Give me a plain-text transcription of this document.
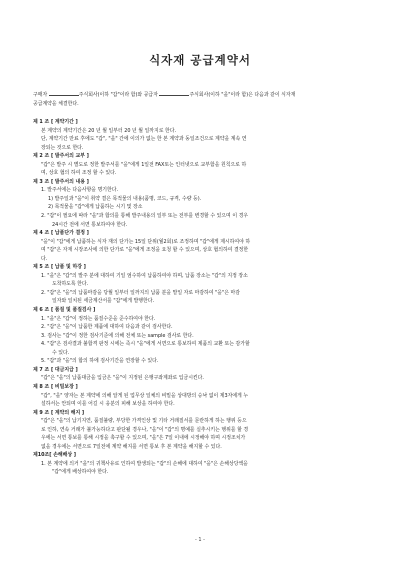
식자재 공급계약서
구매자	주식회사(이하 "갑"이라 함)와 공급자	주식회사(이하 "을"이라 함)은 다음과 같이 식자재
공급계약을 체결한다.
제 1 조 [ 계약기간 ]
본 계약의 계약기간은 20 년 월 일부터 20 년 월 일까지로 한다.
단, 계약기간 만료 후에도 "갑", "을" 간에 이의가 없는 한 본 계약과 동일조건으로 계약을 계속 연
장되는 것으로 한다.
제 2 조 [ 발주서의 교부 ]
"갑"은 발주 시 별도로 정한 발주서를 "을"에게 1일전 FAX또는 인터넷으로 교부함을 원칙으로 하
며, 상호 협의 하여 조정 할 수 있다.
제 3 조 [ 발주서의 내용 ]
1. 발주서에는 다음사항을 명기한다.
1) 발주일과 "을"이 취약 결은 목적물의 내용(품명, 코드, 규격, 수량 등).
2) 목적물을 "갑"에게 납품하는 시기 및 장소
2. "갑"이 필요에 따라 "을"과 합의를 통해 발주내용의 일부 또는 전부를 변경할 수 있으며 이 경우
24시간 전에 서면 통보하여야 한다.
제 4 조 [ 납품단가 결정 ]
"을"이 "갑"에게 납품하는 식자 재의 단가는 15일 단위(월2회)로 조정하며 "갑"에게 제시하여야 하
며 "갑"은 자재 시장조사에 의한 단가로 "을"에게 조정을 요청 할 수 있으며, 상호 협의하여 결정한
다.
제 5 조 [ 납품 및 하강 ]
1. "을"은 "갑"의 발주 분에 대하여 기일 엄수하여 납품하여야 하며, 납품 장소는 "갑"의 지정 장소
도착하도록 한다.
2. "갑"은 "을"의 납품마감을 당월 일부터 일까지의 납품 분을 말일 자로 마감하여 "을"은 마감
일자와 일치된 세금계산서를 "갑"에게 발행한다.
제 6 조 [ 품질 및 품질검사 ]
1. "을"은 "갑"이 정하는 품질수준을 준수하여야 한다.
2. "갑"은 "을"이 납품한 제품에 대하여 다음과 같이 검사한다.
3. 검사는 "갑"이 정한 검사기준에 의해 전체 또는 sample 검사로 한다.
4. "갑"은 검사결과 불합격 판정 시에는 즉시 "을"에게 서면으로 통보하여 제품의 교환 또는 감가할
수 있다.
5. "갑"과 "을"의 합의 하에 검사기간을 연장할 수 있다.
제 7 조 [ 대금지급 ]
"갑"은 "을"의 납품대금을 입금은 "을"이 지정된 은행구좌계좌로 입금시킨다.
제 8 조 [ 비밀보장 ]
"갑", "을" 양자는 본 계약에 의해 알게 된 업무상 일체의 비밀을 상대방의 승낙 없이 제3자에게 누
설하서는 안되며 이를 어길 시 응분의 피해 보상을 하여야 한다.
제 9 조 [ 계약의 해지 ]
"갑"은 "을"의 납기지연, 품질불량, 부당한 가격인상 및 기타 거래질서를 문란하게 하는 행위 등으
로 인하, 연속 거래가 불가능하다고 판단될 경우나, "을"이 "갑"의 명예를 실추시키는 행위를 할 경
우에는 서면 통보를 통해 시정을 촉구할 수 있으며, "을"은 7일 이내에 시정해야 하며 시정조치가
없을 경우에는 서면으로 7일전에 계약 해지를 서면 통보 후 본 계약을 해지할 수 있다.
제10조[ 손해배상 ]
1. 본 계약에 의거 "을"의 귀책사유로 인하여 발생되는 "갑"의 손해에 대하여 "을"은 손해상당액을
"갑"에게 배상하여야 한다.
- 1 -
